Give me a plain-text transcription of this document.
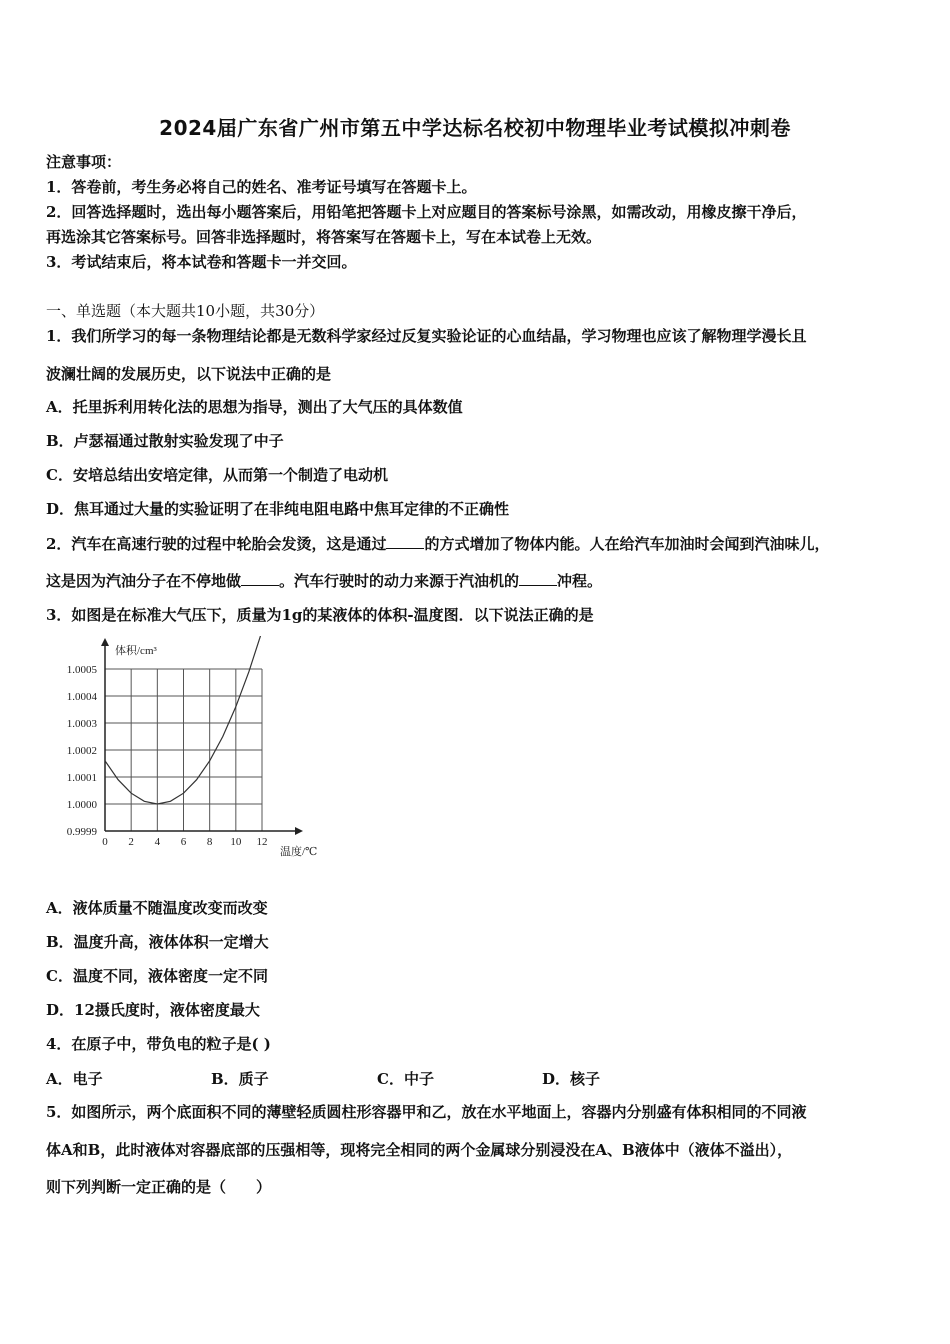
2024届广东省广州市第五中学达标名校初中物理毕业考试模拟冲刺卷
注意事项：
1．答卷前，考生务必将自己的姓名、准考证号填写在答题卡上。
2．回答选择题时，选出每小题答案后，用铅笔把答题卡上对应题目的答案标号涂黑，如需改动，用橡皮擦干净后，
再选涂其它答案标号。回答非选择题时，将答案写在答题卡上，写在本试卷上无效。
3．考试结束后，将本试卷和答题卡一并交回。
一、单选题（本大题共10小题，共30分）
1．我们所学习的每一条物理结论都是无数科学家经过反复实验论证的心血结晶，学习物理也应该了解物理学漫长且
波澜壮阔的发展历史，以下说法中正确的是
A．托里拆利用转化法的思想为指导，测出了大气压的具体数值
B．卢瑟福通过散射实验发现了中子
C．安培总结出安培定律，从而第一个制造了电动机
D．焦耳通过大量的实验证明了在非纯电阻电路中焦耳定律的不正确性
2．汽车在高速行驶的过程中轮胎会发烫，这是通过	的方式增加了物体内能。人在给汽车加油时会闻到汽油味儿，
这是因为汽油分子在不停地做	。汽车行驶时的动力来源于汽油机的	冲程。
3．如图是在标准大气压下，质量为1g的某液体的体积-温度图．以下说法正确的是
0.9999
1.0000
1.0001
1.0002
1.0003
1.0004
1.0005
0 2 4 6 8 10 12
体积/cm³
温度/℃
A．液体质量不随温度改变而改变
B．温度升高，液体体积一定增大
C．温度不同，液体密度一定不同
D．12摄氏度时，液体密度最大
4．在原子中，带负电的粒子是( )
A．电子	B．质子	C．中子	D．核子
5．如图所示，两个底面积不同的薄壁轻质圆柱形容器甲和乙，放在水平地面上，容器内分别盛有体积相同的不同液
体A和B，此时液体对容器底部的压强相等，现将完全相同的两个金属球分别浸没在A、B液体中（液体不溢出），
则下列判断一定正确的是（　　）
